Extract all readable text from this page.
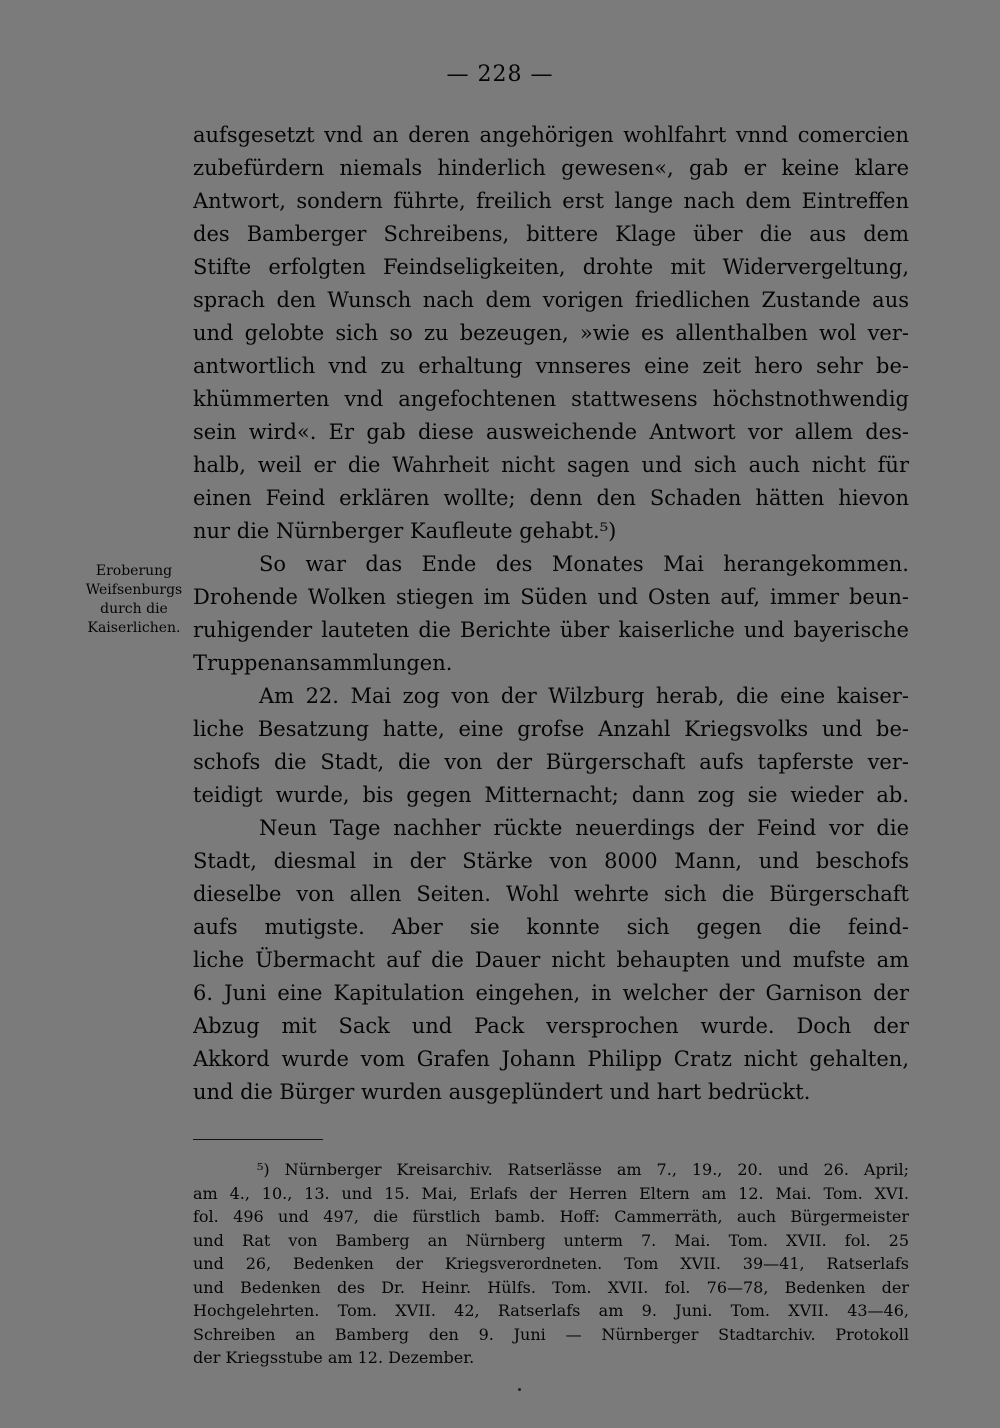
— 228 —
Eroberung Weifsenburgs durch die Kaiserlichen.
aufsgesetzt vnd an deren angehörigen wohlfahrt vnnd comercien
zubefürdern niemals hinderlich gewesen«, gab er keine klare
Antwort, sondern führte, freilich erst lange nach dem Eintreffen
des Bamberger Schreibens, bittere Klage über die aus dem
Stifte erfolgten Feindseligkeiten, drohte mit Widervergeltung,
sprach den Wunsch nach dem vorigen friedlichen Zustande aus
und gelobte sich so zu bezeugen, »wie es allenthalben wol ver-
antwortlich vnd zu erhaltung vnnseres eine zeit hero sehr be-
khümmerten vnd angefochtenen stattwesens höchstnothwendig
sein wird«. Er gab diese ausweichende Antwort vor allem des-
halb, weil er die Wahrheit nicht sagen und sich auch nicht für
einen Feind erklären wollte; denn den Schaden hätten hievon
nur die Nürnberger Kaufleute gehabt.⁵)
So war das Ende des Monates Mai herangekommen.
Drohende Wolken stiegen im Süden und Osten auf, immer beun-
ruhigender lauteten die Berichte über kaiserliche und bayerische
Truppenansammlungen.
Am 22. Mai zog von der Wilzburg herab, die eine kaiser-
liche Besatzung hatte, eine grofse Anzahl Kriegsvolks und be-
schofs die Stadt, die von der Bürgerschaft aufs tapferste ver-
teidigt wurde, bis gegen Mitternacht; dann zog sie wieder ab.
Neun Tage nachher rückte neuerdings der Feind vor die
Stadt, diesmal in der Stärke von 8000 Mann, und beschofs
dieselbe von allen Seiten. Wohl wehrte sich die Bürgerschaft
aufs mutigste. Aber sie konnte sich gegen die feind-
liche Übermacht auf die Dauer nicht behaupten und mufste am
6. Juni eine Kapitulation eingehen, in welcher der Garnison der
Abzug mit Sack und Pack versprochen wurde. Doch der
Akkord wurde vom Grafen Johann Philipp Cratz nicht gehalten,
und die Bürger wurden ausgeplündert und hart bedrückt.
⁵) Nürnberger Kreisarchiv. Ratserlässe am 7., 19., 20. und 26. April;
am 4., 10., 13. und 15. Mai, Erlafs der Herren Eltern am 12. Mai. Tom. XVI.
fol. 496 und 497, die fürstlich bamb. Hoff: Cammerräth, auch Bürgermeister
und Rat von Bamberg an Nürnberg unterm 7. Mai. Tom. XVII. fol. 25
und 26, Bedenken der Kriegsverordneten. Tom XVII. 39—41, Ratserlafs
und Bedenken des Dr. Heinr. Hülfs. Tom. XVII. fol. 76—78, Bedenken der
Hochgelehrten. Tom. XVII. 42, Ratserlafs am 9. Juni. Tom. XVII. 43—46,
Schreiben an Bamberg den 9. Juni — Nürnberger Stadtarchiv. Protokoll
der Kriegsstube am 12. Dezember.
